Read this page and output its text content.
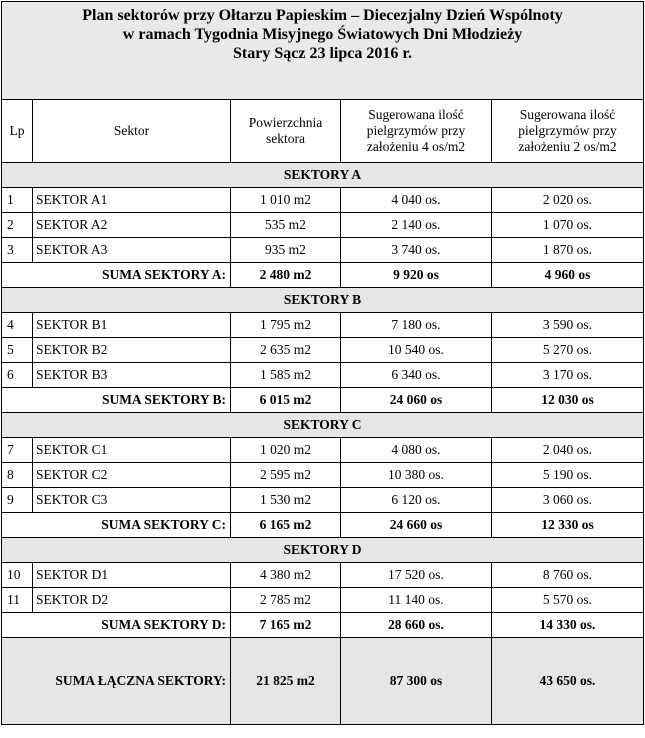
Plan sektorów przy Ołtarzu Papieskim – Diecezjalny Dzień Wspólnoty
w ramach Tygodnia Misyjnego Światowych Dni Młodzieży
Stary Sącz 23 lipca 2016 r.				

Lp	Sektor	Powierzchnia sektora	Sugerowana ilość pielgrzymów przy założeniu 4 os/m2	Sugerowana ilość pielgrzymów przy założeniu 2 os/m2
SEKTORY A				
1	SEKTOR A1	1 010 m2	4 040 os.	2 020 os.
2	SEKTOR A2	535 m2	2 140 os.	1 070 os.
3	SEKTOR A3	935 m2	3 740 os.	1 870 os.
SUMA SEKTORY A:		2 480 m2	9 920 os	4 960 os
SEKTORY B				
4	SEKTOR B1	1 795 m2	7 180 os.	3 590 os.
5	SEKTOR B2	2 635 m2	10 540 os.	5 270 os.
6	SEKTOR B3	1 585 m2	6 340 os.	3 170 os.
SUMA SEKTORY B:		6 015 m2	24 060 os	12 030 os
SEKTORY C				
7	SEKTOR C1	1 020 m2	4 080 os.	2 040 os.
8	SEKTOR C2	2 595 m2	10 380 os.	5 190 os.
9	SEKTOR C3	1 530 m2	6 120 os.	3 060 os.
SUMA SEKTORY C:		6 165 m2	24 660 os	12 330 os
SEKTORY D				
10	SEKTOR D1	4 380 m2	17 520 os.	8 760 os.
11	SEKTOR D2	2 785 m2	11 140 os.	5 570 os.
SUMA SEKTORY D:		7 165 m2	28 660 os.	14 330 os.
SUMA ŁĄCZNA SEKTORY:		21 825 m2	87 300 os	43 650 os.
